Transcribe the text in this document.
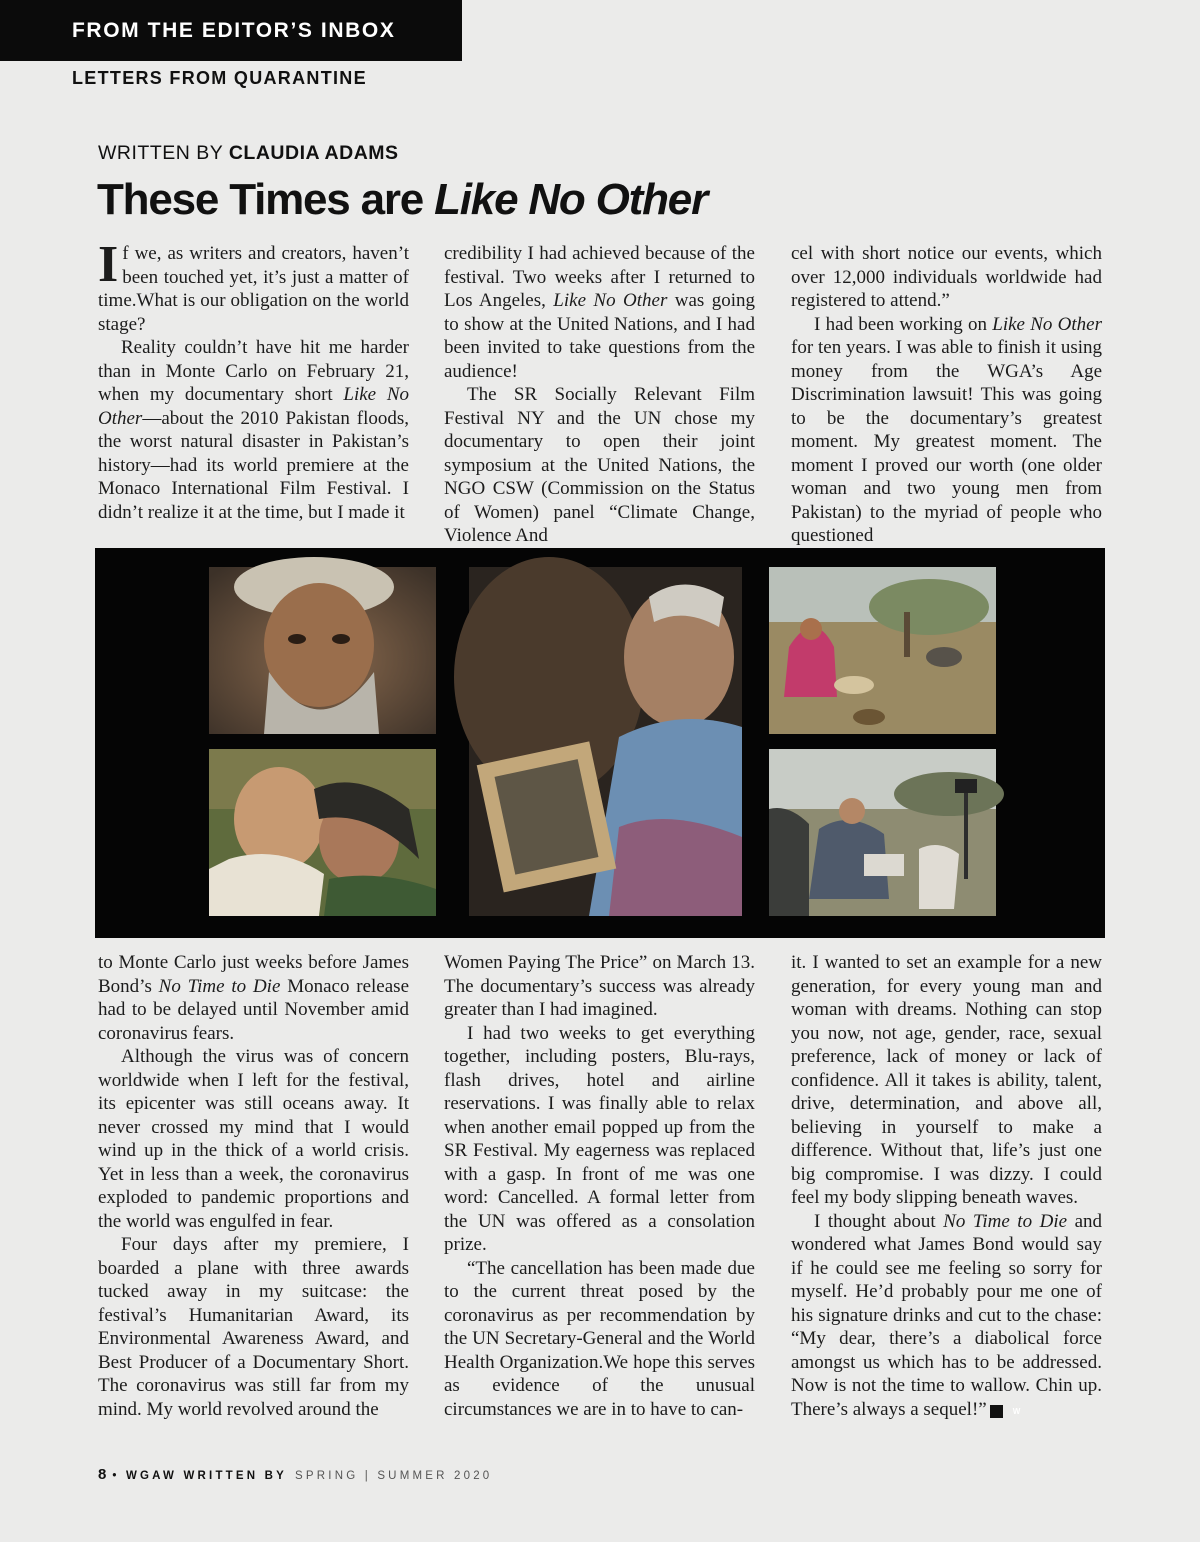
FROM THE EDITOR’S INBOX
LETTERS FROM QUARANTINE
WRITTEN BY CLAUDIA ADAMS
These Times are Like No Other

If we, as writers and creators, haven’t been touched yet, it’s just a matter of time.What is our obligation on the world stage?

Reality couldn’t have hit me harder than in Monte Carlo on February 21, when my documentary short Like No Other—about the 2010 Pakistan floods, the worst natural disaster in Pakistan’s history—had its world premiere at the Monaco International Film Festival. I didn’t realize it at the time, but I made it

credibility I had achieved because of the festival. Two weeks after I returned to Los Angeles, Like No Other was going to show at the United Nations, and I had been invited to take questions from the audience!

The SR Socially Relevant Film Festival NY and the UN chose my documentary to open their joint symposium at the United Nations, the NGO CSW (Commission on the Status of Women) panel “Climate Change, Violence And

cel with short notice our events, which over 12,000 individuals worldwide had registered to attend.”

I had been working on Like No Other for ten years. I was able to finish it using money from the WGA’s Age Discrimination lawsuit! This was going to be the documentary’s greatest moment. My greatest moment. The moment I proved our worth (one older woman and two young men from Pakistan) to the myriad of people who questioned

to Monte Carlo just weeks before James Bond’s No Time to Die Monaco release had to be delayed until November amid coronavirus fears.

Although the virus was of concern worldwide when I left for the festival, its epicenter was still oceans away. It never crossed my mind that I would wind up in the thick of a world crisis. Yet in less than a week, the coronavirus exploded to pandemic proportions and the world was engulfed in fear.

Four days after my premiere, I boarded a plane with three awards tucked away in my suitcase: the festival’s Humanitarian Award, its Environmental Awareness Award, and Best Producer of a Documentary Short. The coronavirus was still far from my mind. My world revolved around the

Women Paying The Price” on March 13. The documentary’s success was already greater than I had imagined.

I had two weeks to get everything together, including posters, Blu-rays, flash drives, hotel and airline reservations. I was finally able to relax when another email popped up from the SR Festival. My eagerness was replaced with a gasp. In front of me was one word: Cancelled. A formal letter from the UN was offered as a consolation prize.

“The cancellation has been made due to the current threat posed by the coronavirus as per recommendation by the UN Secretary-General and the World Health Organization.We hope this serves as evidence of the unusual circumstances we are in to have to can-

it. I wanted to set an example for a new generation, for every young man and woman with dreams. Nothing can stop you now, not age, gender, race, sexual preference, lack of money or lack of confidence. All it takes is ability, talent, drive, determination, and above all, believing in yourself to make a difference. Without that, life’s just one big compromise. I was dizzy. I could feel my body slipping beneath waves.

I thought about No Time to Die and wondered what James Bond would say if he could see me feeling so sorry for myself. He’d probably pour me one of his signature drinks and cut to the chase: “My dear, there’s a diabolical force amongst us which has to be addressed. Now is not the time to wallow. Chin up. There’s always a sequel!”	W

8 • WGAW WRITTEN BY SPRING | SUMMER 2020
